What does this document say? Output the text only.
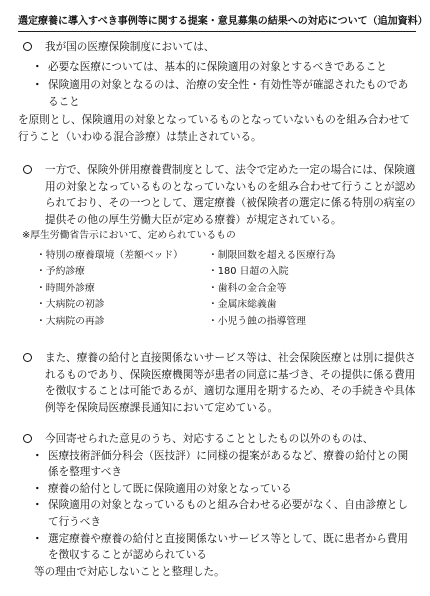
選定療養に導入すべき事例等に関する提案・意見募集の結果への対応について（追加資料）
我が国の医療保険制度においては、
・ 必要な医療については、基本的に保険適用の対象とするべきであること
・ 保険適用の対象となるのは、治療の安全性・有効性等が確認されたものであること
を原則とし、保険適用の対象となっているものとなっていないものを組み合わせて行うこと（いわゆる混合診療）は禁止されている。
一方で、保険外併用療養費制度として、法令で定めた一定の場合には、保険適用の対象となっているものとなっていないものを組み合わせて行うことが認められており、その一つとして、選定療養（被保険者の選定に係る特別の病室の提供その他の厚生労働大臣が定める療養）が規定されている。
※厚生労働省告示において、定められているもの
・特別の療養環境（差額ベッド）	・制限回数を超える医療行為
・予約診療	・180 日超の入院
・時間外診療	・歯科の金合金等
・大病院の初診	・金属床総義歯
・大病院の再診	・小児う蝕の指導管理
また、療養の給付と直接関係ないサービス等は、社会保険医療とは別に提供されるものであり、保険医療機関等が患者の同意に基づき、その提供に係る費用を徴収することは可能であるが、適切な運用を期するため、その手続きや具体例等を保険局医療課長通知において定めている。
今回寄せられた意見のうち、対応することとしたもの以外のものは、
・ 医療技術評価分科会（医技評）に同様の提案があるなど、療養の給付との関係を整理すべき
・ 療養の給付として既に保険適用の対象となっている
・ 保険適用の対象となっているものと組み合わせる必要がなく、自由診療として行うべき
・ 選定療養や療養の給付と直接関係ないサービス等として、既に患者から費用を徴収することが認められている
等の理由で対応しないことと整理した。
